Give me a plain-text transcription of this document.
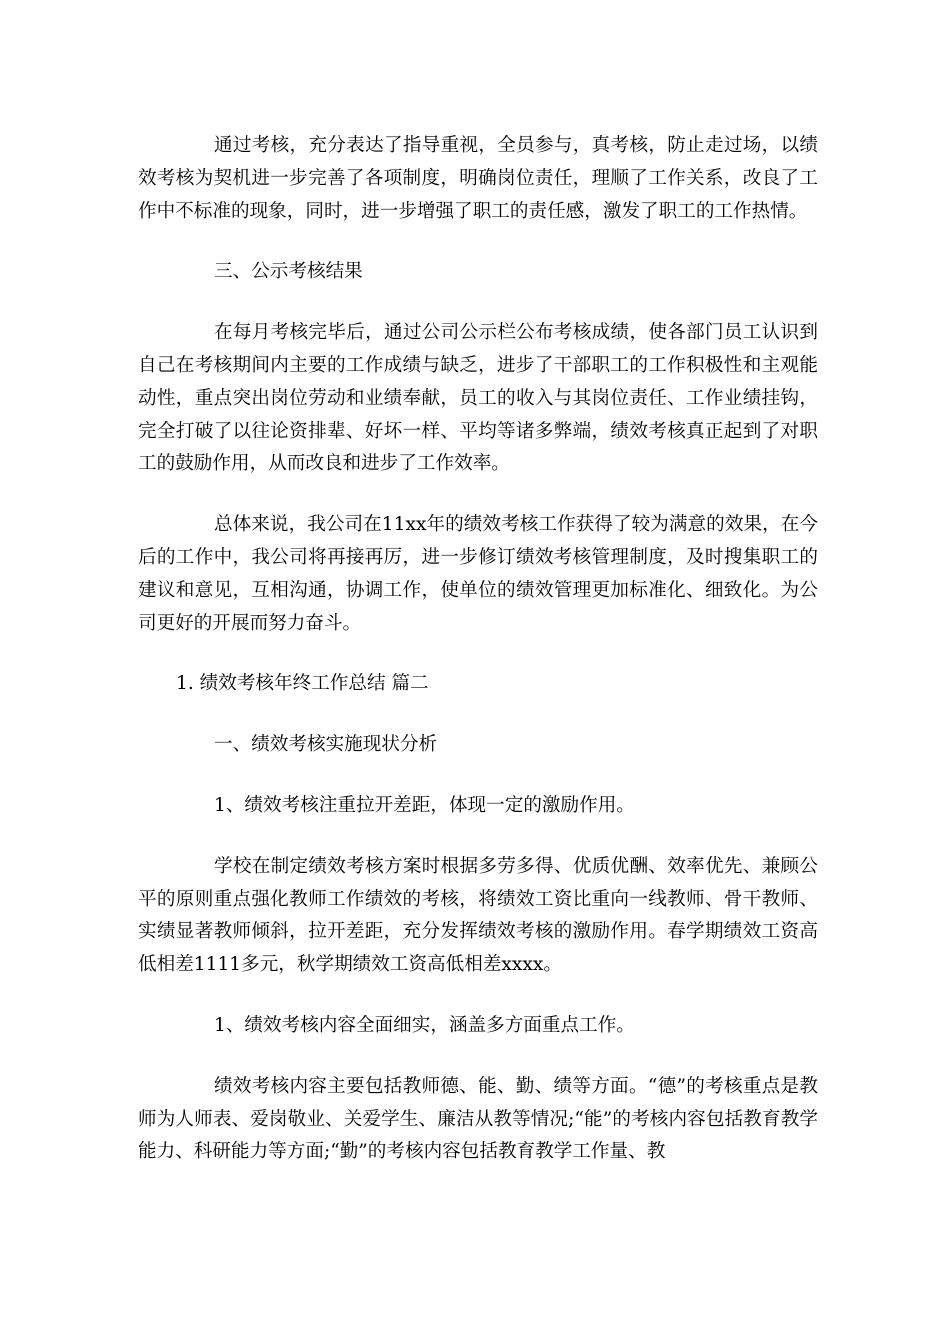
通过考核，充分表达了指导重视，全员参与，真考核，防止走过场，以绩效考核为契机进一步完善了各项制度，明确岗位责任，理顺了工作关系，改良了工作中不标准的现象，同时，进一步增强了职工的责任感，激发了职工的工作热情。

三、公示考核结果

在每月考核完毕后，通过公司公示栏公布考核成绩，使各部门员工认识到自己在考核期间内主要的工作成绩与缺乏，进步了干部职工的工作积极性和主观能动性，重点突出岗位劳动和业绩奉献，员工的收入与其岗位责任、工作业绩挂钩，完全打破了以往论资排辈、好坏一样、平均等诸多弊端，绩效考核真正起到了对职工的鼓励作用，从而改良和进步了工作效率。

总体来说，我公司在11xx年的绩效考核工作获得了较为满意的效果，在今后的工作中，我公司将再接再厉，进一步修订绩效考核管理制度，及时搜集职工的建议和意见，互相沟通，协调工作，使单位的绩效管理更加标准化、细致化。为公司更好的开展而努力奋斗。

1. 绩效考核年终工作总结 篇二

一、绩效考核实施现状分析

1、绩效考核注重拉开差距，体现一定的激励作用。

学校在制定绩效考核方案时根据多劳多得、优质优酬、效率优先、兼顾公平的原则重点强化教师工作绩效的考核，将绩效工资比重向一线教师、骨干教师、实绩显著教师倾斜，拉开差距，充分发挥绩效考核的激励作用。春学期绩效工资高低相差1111多元，秋学期绩效工资高低相差xxxx。

1、绩效考核内容全面细实，涵盖多方面重点工作。

绩效考核内容主要包括教师德、能、勤、绩等方面。“德”的考核重点是教师为人师表、爱岗敬业、关爱学生、廉洁从教等情况;“能”的考核内容包括教育教学能力、科研能力等方面;“勤”的考核内容包括教育教学工作量、教
